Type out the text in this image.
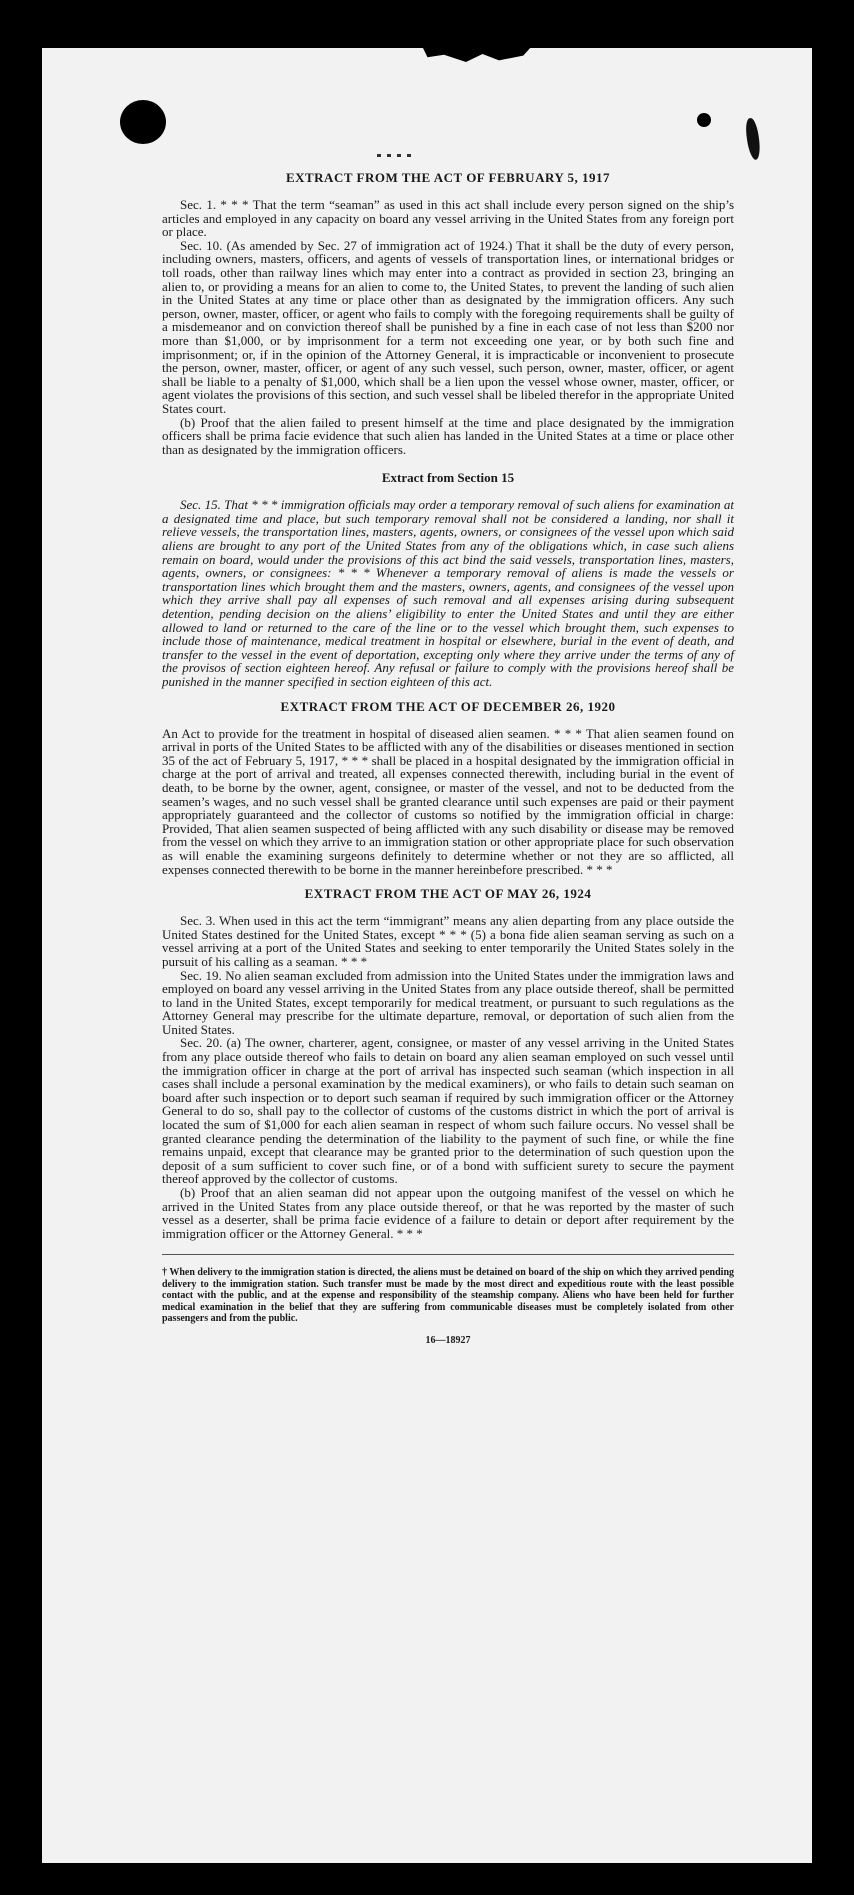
EXTRACT FROM THE ACT OF FEBRUARY 5, 1917

Sec. 1. * * * That the term “seaman” as used in this act shall include every person signed on the ship’s articles and employed in any capacity on board any vessel arriving in the United States from any foreign port or place.

Sec. 10. (As amended by Sec. 27 of immigration act of 1924.) That it shall be the duty of every person, including owners, masters, officers, and agents of vessels of transportation lines, or international bridges or toll roads, other than railway lines which may enter into a contract as provided in section 23, bringing an alien to, or providing a means for an alien to come to, the United States, to prevent the landing of such alien in the United States at any time or place other than as designated by the immigration officers. Any such person, owner, master, officer, or agent who fails to comply with the foregoing requirements shall be guilty of a misdemeanor and on conviction thereof shall be punished by a fine in each case of not less than $200 nor more than $1,000, or by imprisonment for a term not exceeding one year, or by both such fine and imprisonment; or, if in the opinion of the Attorney General, it is impracticable or inconvenient to prosecute the person, owner, master, officer, or agent of any such vessel, such person, owner, master, officer, or agent shall be liable to a penalty of $1,000, which shall be a lien upon the vessel whose owner, master, officer, or agent violates the provisions of this section, and such vessel shall be libeled therefor in the appropriate United States court.

(b) Proof that the alien failed to present himself at the time and place designated by the immigration officers shall be prima facie evidence that such alien has landed in the United States at a time or place other than as designated by the immigration officers.

Extract from Section 15

Sec. 15. That * * * immigration officials may order a temporary removal of such aliens for examination at a designated time and place, but such temporary removal shall not be considered a landing, nor shall it relieve vessels, the transportation lines, masters, agents, owners, or consignees of the vessel upon which said aliens are brought to any port of the United States from any of the obligations which, in case such aliens remain on board, would under the provisions of this act bind the said vessels, transportation lines, masters, agents, owners, or consignees: * * * Whenever a temporary removal of aliens is made the vessels or transportation lines which brought them and the masters, owners, agents, and consignees of the vessel upon which they arrive shall pay all expenses of such removal and all expenses arising during subsequent detention, pending decision on the aliens’ eligibility to enter the United States and until they are either allowed to land or returned to the care of the line or to the vessel which brought them, such expenses to include those of maintenance, medical treatment in hospital or elsewhere, burial in the event of death, and transfer to the vessel in the event of deportation, excepting only where they arrive under the terms of any of the provisos of section eighteen hereof. Any refusal or failure to comply with the provisions hereof shall be punished in the manner specified in section eighteen of this act.

EXTRACT FROM THE ACT OF DECEMBER 26, 1920

An Act to provide for the treatment in hospital of diseased alien seamen. * * * That alien seamen found on arrival in ports of the United States to be afflicted with any of the disabilities or diseases mentioned in section 35 of the act of February 5, 1917, * * * shall be placed in a hospital designated by the immigration official in charge at the port of arrival and treated, all expenses connected therewith, including burial in the event of death, to be borne by the owner, agent, consignee, or master of the vessel, and not to be deducted from the seamen’s wages, and no such vessel shall be granted clearance until such expenses are paid or their payment appropriately guaranteed and the collector of customs so notified by the immigration official in charge: Provided, That alien seamen suspected of being afflicted with any such disability or disease may be removed from the vessel on which they arrive to an immigration station or other appropriate place for such observation as will enable the examining surgeons definitely to determine whether or not they are so afflicted, all expenses connected therewith to be borne in the manner hereinbefore prescribed. * * *

EXTRACT FROM THE ACT OF MAY 26, 1924

Sec. 3. When used in this act the term “immigrant” means any alien departing from any place outside the United States destined for the United States, except * * * (5) a bona fide alien seaman serving as such on a vessel arriving at a port of the United States and seeking to enter temporarily the United States solely in the pursuit of his calling as a seaman. * * *

Sec. 19. No alien seaman excluded from admission into the United States under the immigration laws and employed on board any vessel arriving in the United States from any place outside thereof, shall be permitted to land in the United States, except temporarily for medical treatment, or pursuant to such regulations as the Attorney General may prescribe for the ultimate departure, removal, or deportation of such alien from the United States.

Sec. 20. (a) The owner, charterer, agent, consignee, or master of any vessel arriving in the United States from any place outside thereof who fails to detain on board any alien seaman employed on such vessel until the immigration officer in charge at the port of arrival has inspected such seaman (which inspection in all cases shall include a personal examination by the medical examiners), or who fails to detain such seaman on board after such inspection or to deport such seaman if required by such immigration officer or the Attorney General to do so, shall pay to the collector of customs of the customs district in which the port of arrival is located the sum of $1,000 for each alien seaman in respect of whom such failure occurs. No vessel shall be granted clearance pending the determination of the liability to the payment of such fine, or while the fine remains unpaid, except that clearance may be granted prior to the determination of such question upon the deposit of a sum sufficient to cover such fine, or of a bond with sufficient surety to secure the payment thereof approved by the collector of customs.

(b) Proof that an alien seaman did not appear upon the outgoing manifest of the vessel on which he arrived in the United States from any place outside thereof, or that he was reported by the master of such vessel as a deserter, shall be prima facie evidence of a failure to detain or deport after requirement by the immigration officer or the Attorney General. * * *

† When delivery to the immigration station is directed, the aliens must be detained on board of the ship on which they arrived pending delivery to the immigration station. Such transfer must be made by the most direct and expeditious route with the least possible contact with the public, and at the expense and responsibility of the steamship company. Aliens who have been held for further medical examination in the belief that they are suffering from communicable diseases must be completely isolated from other passengers and from the public.

16—18927
